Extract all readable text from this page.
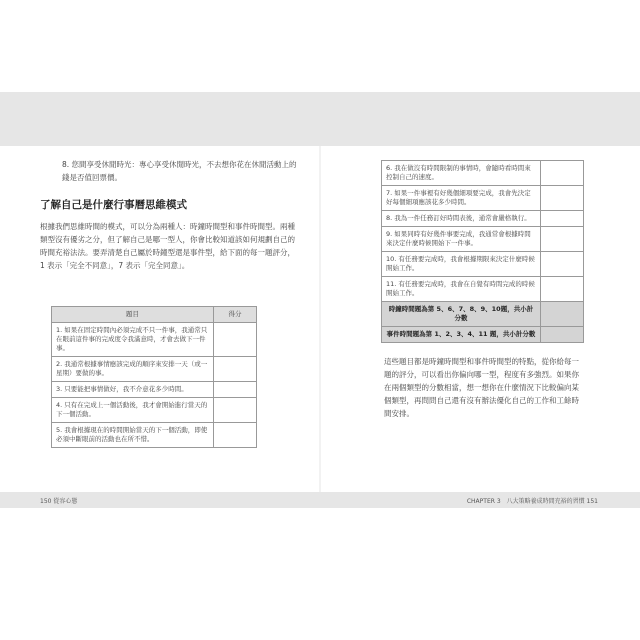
8. 您間享受休閒時光：專心享受休閒時光，不去想你花在休閒活動上的錢是否值回票價。

了解自己是什麼行事曆思維模式

根據我們思維時間的模式，可以分為兩種人：時鐘時間型和事件時間型。兩種類型沒有優劣之分，但了解自己是哪一型人，你會比較知道該如何規劃自己的時間充裕法法。要弄清楚自己屬於時鐘型還是事件型，給下面的每一題評分，1 表示「完全不同意」，7 表示「完全同意」。

題目	得分
1. 如果在固定時間內必須完成不只一件事，我通常只在眼前這件事的完成度令我滿意時，才會去做下一件事。	
2. 我通常根據事情應該完成的順序來安排一天（或一星期）要做的事。	
3. 只要能把事情做好，我不介意花多少時間。	
4. 只有在完成上一個活動後，我才會開始進行當天的下一個活動。	
5. 我會根據現在的時間開始當天的下一個活動，即使必須中斷眼前的活動也在所不惜。	
6. 我在做沒有時間限制的事情時，會隨時看時間來控制自己的速度。	
7. 如果一件事裡有好幾個細項要完成，我會先決定好每個細項應該花多少時間。	
8. 我為一件任務訂好時間表後，通常會嚴格執行。	
9. 如果同時有好幾件事要完成，我通常會根據時間來決定什麼時候開始下一件事。	
10. 有任務要完成時，我會根據期限來決定什麼時候開始工作。	
11. 有任務要完成時，我會在自覺有時間完成的時候開始工作。	
時鐘時間題為第 5、6、7、8、9、10題，共小計分數	
事件時間題為第 1、2、3、4、11 題，共小計分數	

這些題目都是時鐘時間型和事件時間型的特點，從你給每一題的評分，可以看出你偏向哪一型，程度有多強烈。如果你在兩個類型的分數相當，想一想你在什麼情況下比較偏向某個類型，再問問自己還有沒有辦法優化自己的工作和工餘時間安排。

150 從容心態	CHAPTER 3　八大策略養成時間充裕的習慣 151
